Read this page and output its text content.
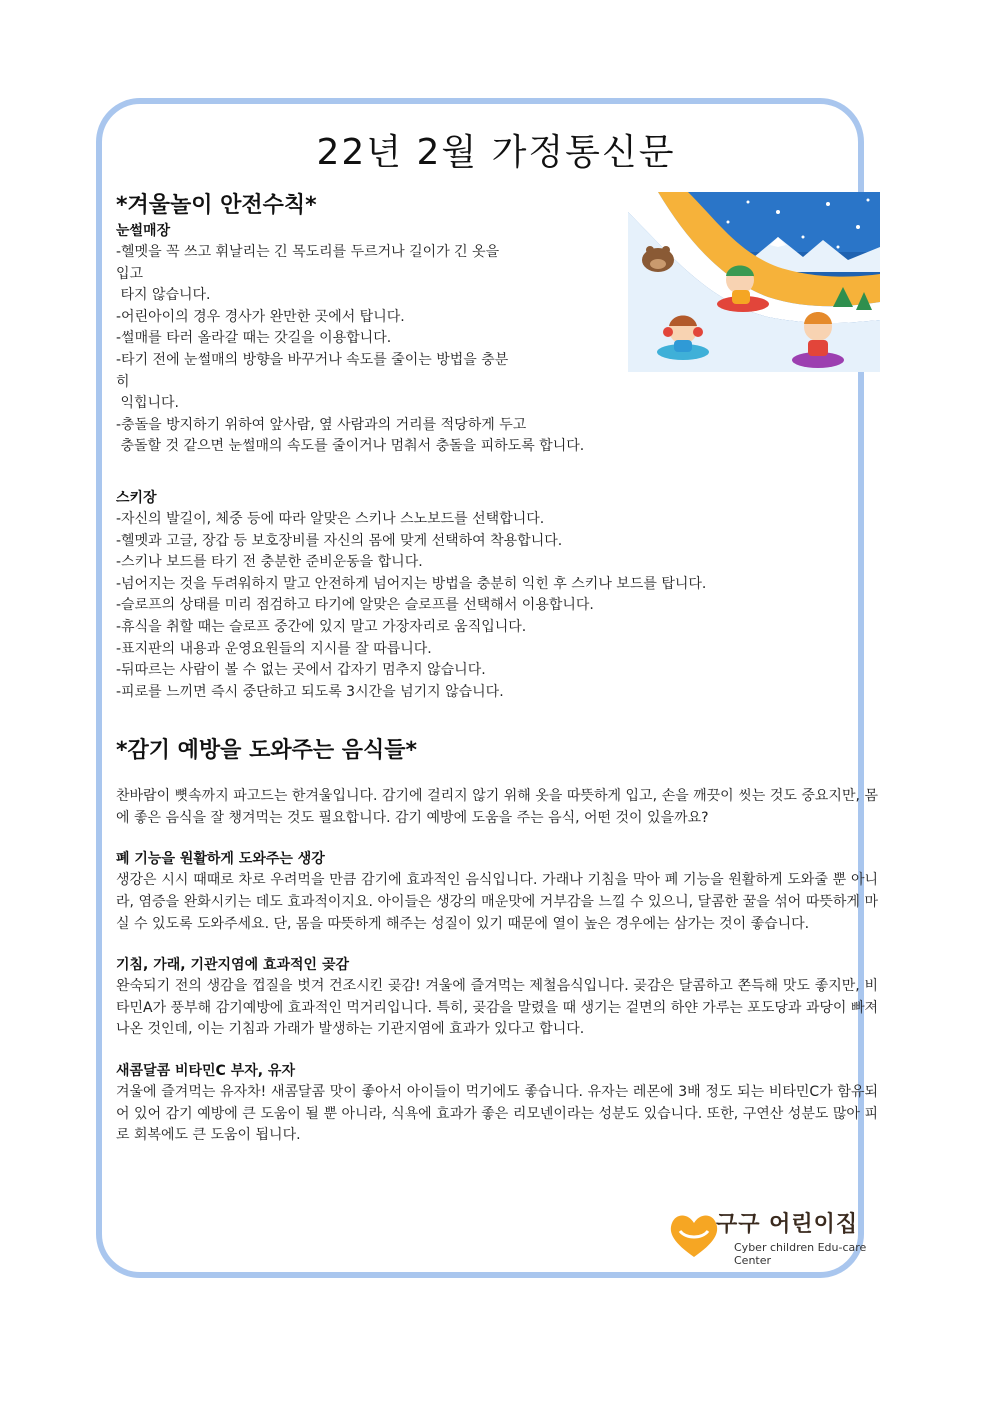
22년 2월 가정통신문
*겨울놀이 안전수칙*
눈썰매장
-헬멧을 꼭 쓰고 휘날리는 긴 목도리를 두르거나 길이가 긴 옷을
입고
타지 않습니다.
-어린아이의 경우 경사가 완만한 곳에서 탑니다.
-썰매를 타러 올라갈 때는 갓길을 이용합니다.
-타기 전에 눈썰매의 방향을 바꾸거나 속도를 줄이는 방법을 충분
히
익힙니다.
-충돌을 방지하기 위하여 앞사람, 옆 사람과의 거리를 적당하게 두고
충돌할 것 같으면 눈썰매의 속도를 줄이거나 멈춰서 충돌을 피하도록 합니다.
스키장
-자신의 발길이, 체중 등에 따라 알맞은 스키나 스노보드를 선택합니다.
-헬멧과 고글, 장갑 등 보호장비를 자신의 몸에 맞게 선택하여 착용합니다.
-스키나 보드를 타기 전 충분한 준비운동을 합니다.
-넘어지는 것을 두려워하지 말고 안전하게 넘어지는 방법을 충분히 익힌 후 스키나 보드를 탑니다.
-슬로프의 상태를 미리 점검하고 타기에 알맞은 슬로프를 선택해서 이용합니다.
-휴식을 취할 때는 슬로프 중간에 있지 말고 가장자리로 움직입니다.
-표지판의 내용과 운영요원들의 지시를 잘 따릅니다.
-뒤따르는 사람이 볼 수 없는 곳에서 갑자기 멈추지 않습니다.
-피로를 느끼면 즉시 중단하고 되도록 3시간을 넘기지 않습니다.
*감기 예방을 도와주는 음식들*
찬바람이 뼛속까지 파고드는 한겨울입니다. 감기에 걸리지 않기 위해 옷을 따뜻하게 입고, 손을 깨끗이 씻는 것도 중요지만, 몸에 좋은 음식을 잘 챙겨먹는 것도 필요합니다. 감기 예방에 도움을 주는 음식, 어떤 것이 있을까요?
폐 기능을 원활하게 도와주는 생강
생강은 시시 때때로 차로 우려먹을 만큼 감기에 효과적인 음식입니다. 가래나 기침을 막아 폐 기능을 원활하게 도와줄 뿐 아니라, 염증을 완화시키는 데도 효과적이지요. 아이들은 생강의 매운맛에 거부감을 느낄 수 있으니, 달콤한 꿀을 섞어 따뜻하게 마실 수 있도록 도와주세요. 단, 몸을 따뜻하게 해주는 성질이 있기 때문에 열이 높은 경우에는 삼가는 것이 좋습니다.
기침, 가래, 기관지염에 효과적인 곶감
완숙되기 전의 생감을 껍질을 벗겨 건조시킨 곶감! 겨울에 즐겨먹는 제철음식입니다. 곶감은 달콤하고 쫀득해 맛도 좋지만, 비타민A가 풍부해 감기예방에 효과적인 먹거리입니다. 특히, 곶감을 말렸을 때 생기는 겉면의 하얀 가루는 포도당과 과당이 빠져나온 것인데, 이는 기침과 가래가 발생하는 기관지염에 효과가 있다고 합니다.
새콤달콤 비타민C 부자, 유자
겨울에 즐겨먹는 유자차! 새콤달콤 맛이 좋아서 아이들이 먹기에도 좋습니다. 유자는 레몬에 3배 정도 되는 비타민C가 함유되어 있어 감기 예방에 큰 도움이 될 뿐 아니라, 식욕에 효과가 좋은 리모넨이라는 성분도 있습니다. 또한, 구연산 성분도 많아 피로 회복에도 큰 도움이 됩니다.
구구 어린이집
Cyber children Edu-care Center
